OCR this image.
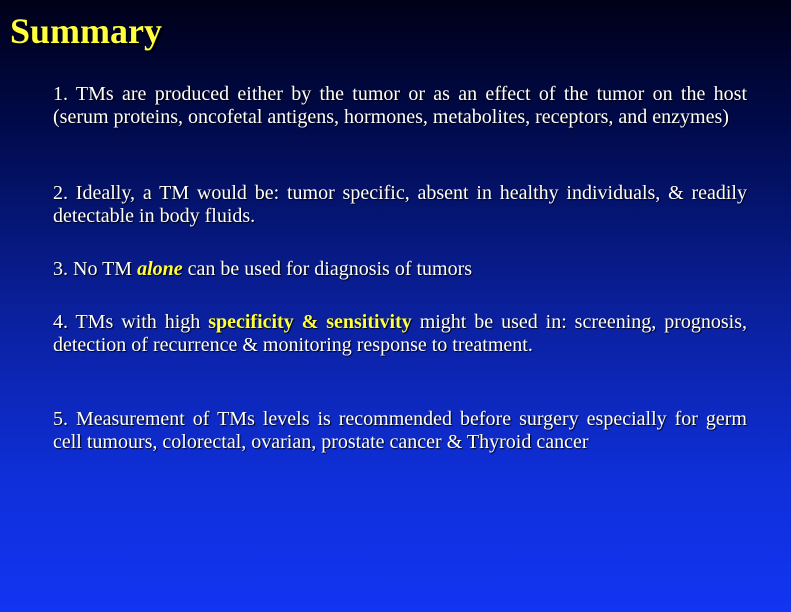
Summary

1. TMs are produced either by the tumor or as an effect of the tumor on the host (serum proteins, oncofetal antigens, hormones, metabolites, receptors, and enzymes)

2. Ideally, a TM would be: tumor specific, absent in healthy individuals, & readily detectable in body fluids.

3. No TM alone can be used for diagnosis of tumors

4. TMs with high specificity & sensitivity might be used in: screening, prognosis, detection of recurrence & monitoring response to treatment.

5. Measurement of TMs levels is recommended before surgery especially for germ cell tumours, colorectal, ovarian, prostate cancer & Thyroid cancer
